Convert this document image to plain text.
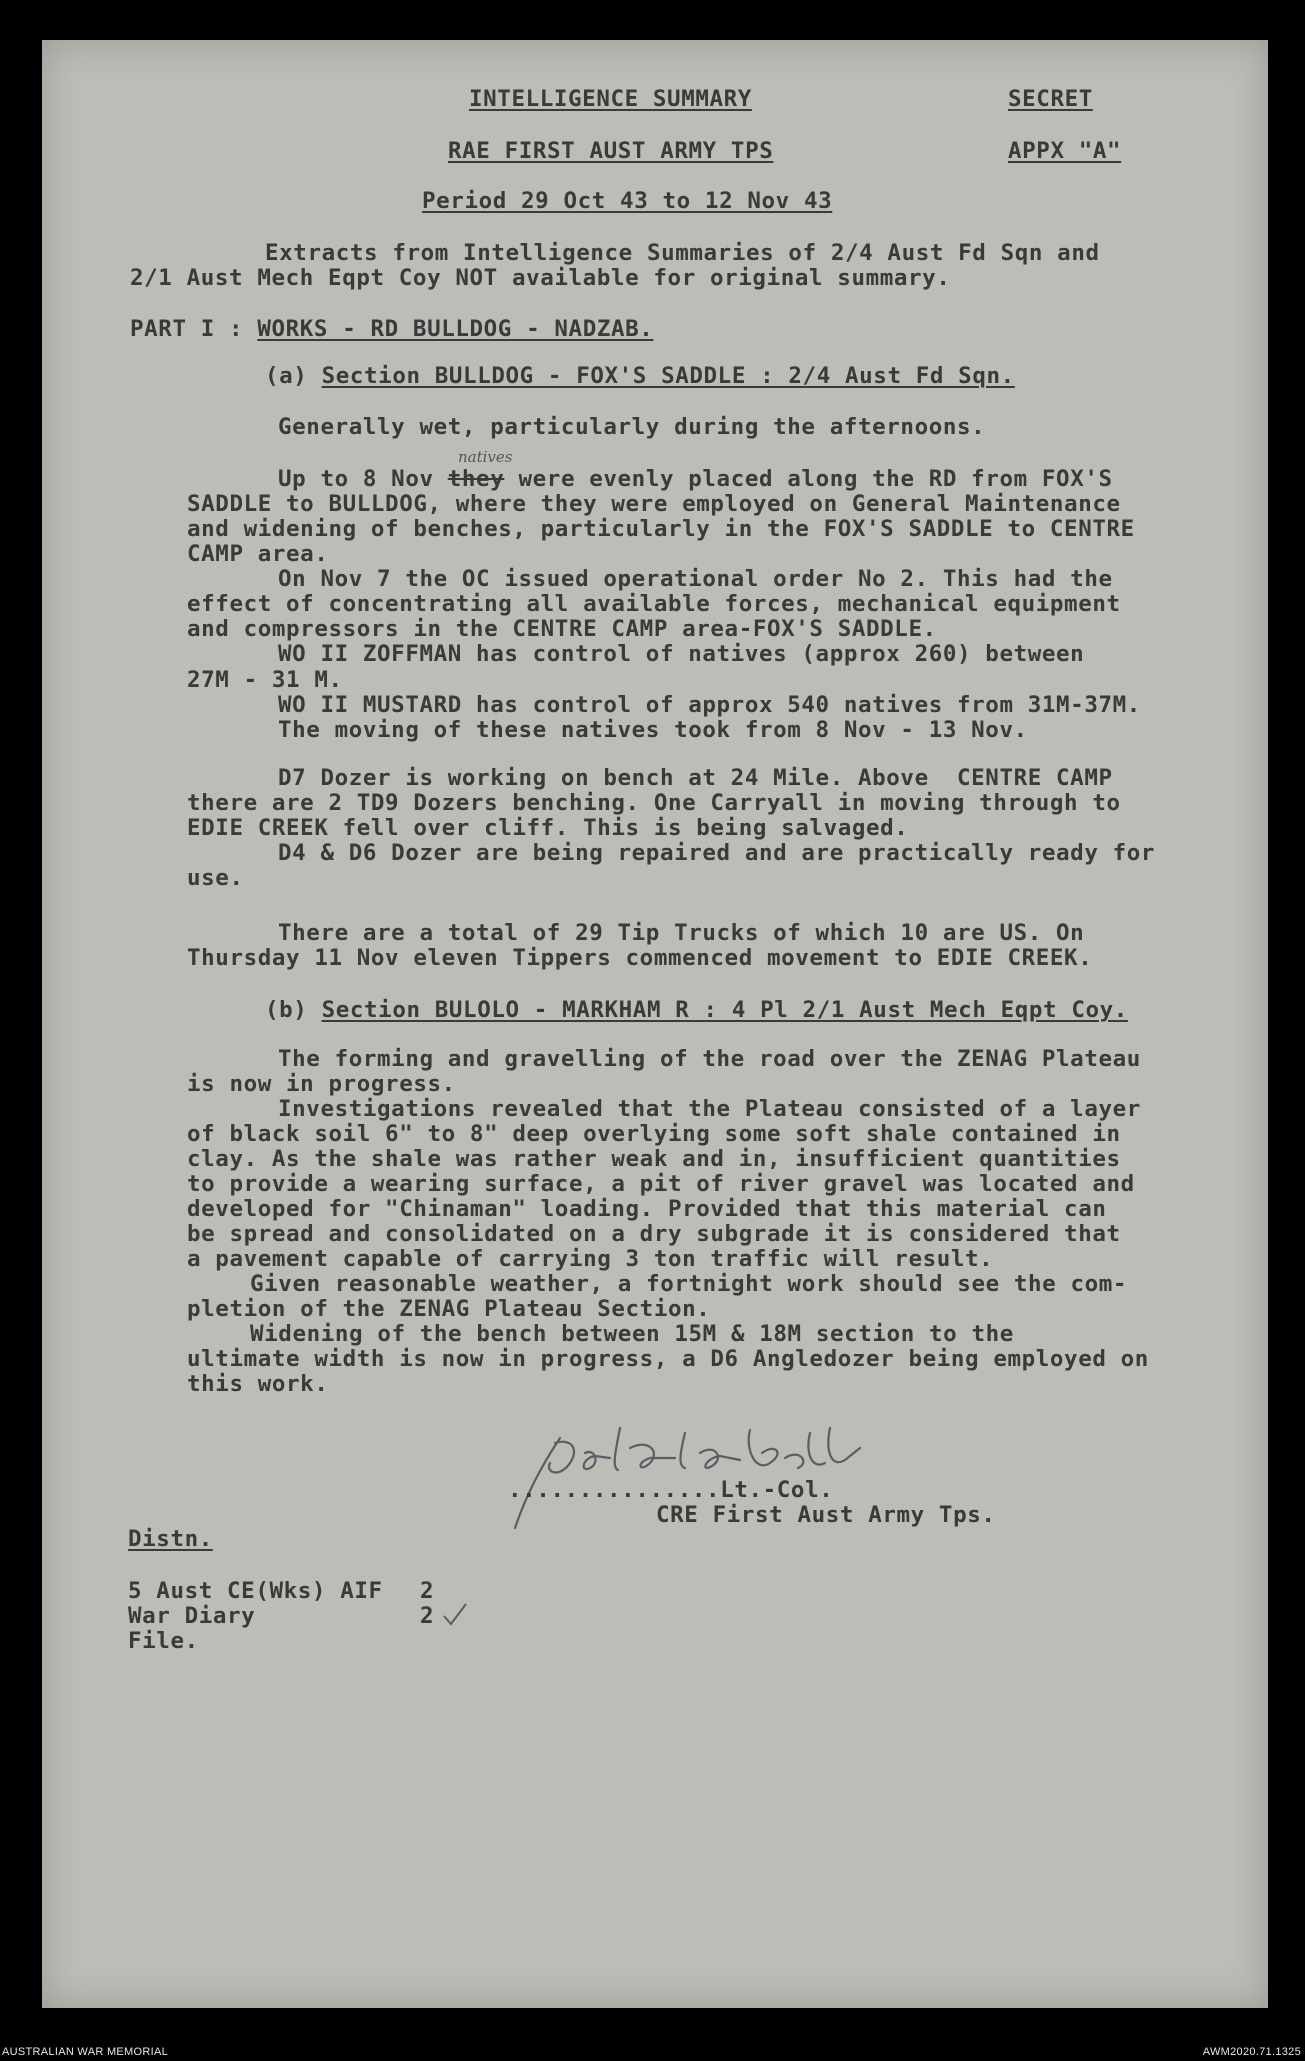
INTELLIGENCE SUMMARY	SECRET
RAE FIRST AUST ARMY TPS	APPX "A"
Period 29 Oct 43 to 12 Nov 43
Extracts from Intelligence Summaries of 2/4 Aust Fd Sqn and
2/1 Aust Mech Eqpt Coy NOT available for original summary.
PART I : WORKS - RD BULLDOG - NADZAB.
(a) Section BULLDOG - FOX'S SADDLE : 2/4 Aust Fd Sqn.
Generally wet, particularly during the afternoons.
natives
Up to 8 Nov they were evenly placed along the RD from FOX'S
SADDLE to BULLDOG, where they were employed on General Maintenance
and widening of benches, particularly in the FOX'S SADDLE to CENTRE
CAMP area.
On Nov 7 the OC issued operational order No 2. This had the
effect of concentrating all available forces, mechanical equipment
and compressors in the CENTRE CAMP area-FOX'S SADDLE.
WO II ZOFFMAN has control of natives (approx 260) between
27M - 31 M.
WO II MUSTARD has control of approx 540 natives from 31M-37M.
The moving of these natives took from 8 Nov - 13 Nov.
D7 Dozer is working on bench at 24 Mile. Above  CENTRE CAMP
there are 2 TD9 Dozers benching. One Carryall in moving through to
EDIE CREEK fell over cliff. This is being salvaged.
D4 & D6 Dozer are being repaired and are practically ready for
use.
There are a total of 29 Tip Trucks of which 10 are US. On
Thursday 11 Nov eleven Tippers commenced movement to EDIE CREEK.
(b) Section BULOLO - MARKHAM R : 4 Pl 2/1 Aust Mech Eqpt Coy.
The forming and gravelling of the road over the ZENAG Plateau
is now in progress.
Investigations revealed that the Plateau consisted of a layer
of black soil 6" to 8" deep overlying some soft shale contained in
clay. As the shale was rather weak and in, insufficient quantities
to provide a wearing surface, a pit of river gravel was located and
developed for "Chinaman" loading. Provided that this material can
be spread and consolidated on a dry subgrade it is considered that
a pavement capable of carrying 3 ton traffic will result.
Given reasonable weather, a fortnight work should see the com-
pletion of the ZENAG Plateau Section.
Widening of the bench between 15M & 18M section to the
ultimate width is now in progress, a D6 Angledozer being employed on
this work.
...............Lt.-Col.
CRE First Aust Army Tps.
Distn.
5 Aust CE(Wks) AIF 2
War Diary	2
File.
AUSTRALIAN WAR MEMORIAL	AWM2020.71.1325
